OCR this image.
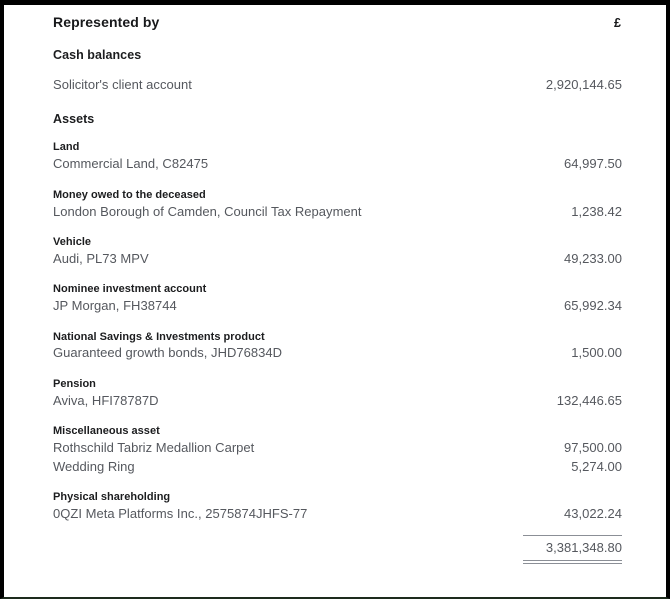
Represented by	£
Cash balances
Solicitor's client account	2,920,144.65
Assets
Land
Commercial Land, C82475	64,997.50
Money owed to the deceased
London Borough of Camden, Council Tax Repayment	1,238.42
Vehicle
Audi, PL73 MPV	49,233.00
Nominee investment account
JP Morgan, FH38744	65,992.34
National Savings & Investments product
Guaranteed growth bonds, JHD76834D	1,500.00
Pension
Aviva, HFI78787D	132,446.65
Miscellaneous asset
Rothschild Tabriz Medallion Carpet	97,500.00
Wedding Ring	5,274.00
Physical shareholding
0QZI Meta Platforms Inc., 2575874JHFS-77	43,022.24
3,381,348.80
